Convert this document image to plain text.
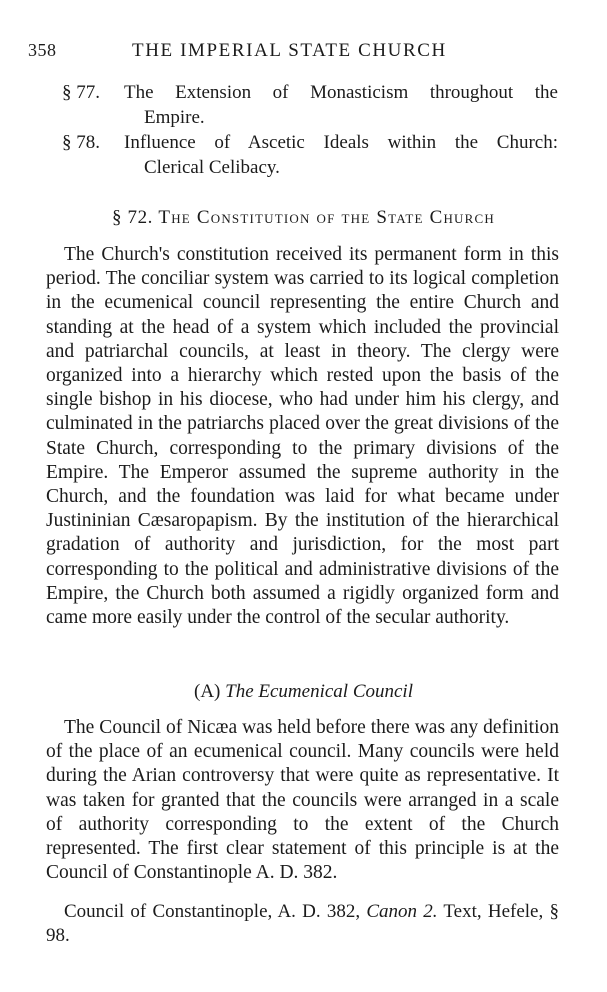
358	THE IMPERIAL STATE CHURCH
§ 77. The Extension of Monasticism throughout the
Empire.
§ 78. Influence of Ascetic Ideals within the Church:
Clerical Celibacy.
§ 72. The Constitution of the State Church

The Church's constitution received its permanent form in this period. The conciliar system was carried to its logical completion in the ecumenical council representing the entire Church and standing at the head of a system which included the provincial and patriarchal councils, at least in theory. The clergy were organized into a hierarchy which rested upon the basis of the single bishop in his diocese, who had under him his clergy, and culminated in the patriarchs placed over the great divisions of the State Church, corresponding to the primary divisions of the Empire. The Emperor assumed the supreme authority in the Church, and the foundation was laid for what became under Justininian Cæsaropapism. By the institution of the hierarchical gradation of authority and jurisdiction, for the most part corresponding to the political and administrative divisions of the Empire, the Church both assumed a rigidly organized form and came more easily under the control of the secular authority.

(A) The Ecumenical Council

The Council of Nicæa was held before there was any definition of the place of an ecumenical council. Many councils were held during the Arian controversy that were quite as representative. It was taken for granted that the councils were arranged in a scale of authority corresponding to the extent of the Church represented. The first clear statement of this principle is at the Council of Constantinople A. D. 382.

Council of Constantinople, A. D. 382, Canon 2. Text, Hefele, § 98.
